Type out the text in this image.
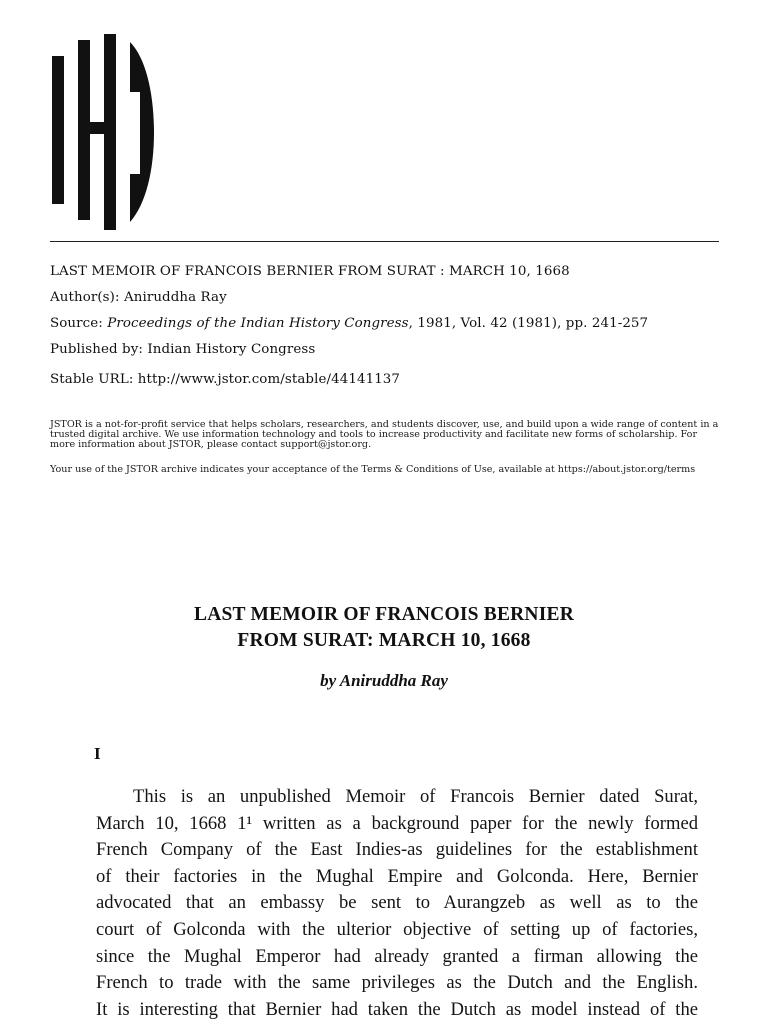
LAST MEMOIR OF FRANCOIS BERNIER FROM SURAT : MARCH 10, 1668
Author(s): Aniruddha Ray
Source: Proceedings of the Indian History Congress, 1981, Vol. 42 (1981), pp. 241-257
Published by: Indian History Congress
Stable URL: http://www.jstor.com/stable/44141137
JSTOR is a not-for-profit service that helps scholars, researchers, and students discover, use, and build upon a wide range of content in a trusted digital archive. We use information technology and tools to increase productivity and facilitate new forms of scholarship. For more information about JSTOR, please contact support@jstor.org.
Your use of the JSTOR archive indicates your acceptance of the Terms & Conditions of Use, available at https://about.jstor.org/terms
LAST MEMOIR OF FRANCOIS BERNIER
FROM SURAT: MARCH 10, 1668
by Aniruddha Ray
I
This is an unpublished Memoir of Francois Bernier dated Surat,
March 10, 1668 1¹ written as a background paper for the newly formed
French Company of the East Indies-as guidelines for the establishment
of their factories in the Mughal Empire and Golconda. Here, Bernier
advocated that an embassy be sent to Aurangzeb as well as to the
court of Golconda with the ulterior objective of setting up of factories,
since the Mughal Emperor had already granted a firman allowing the
French to trade with the same privileges as the Dutch and the English.
It is interesting that Bernier had taken the Dutch as model instead of the
